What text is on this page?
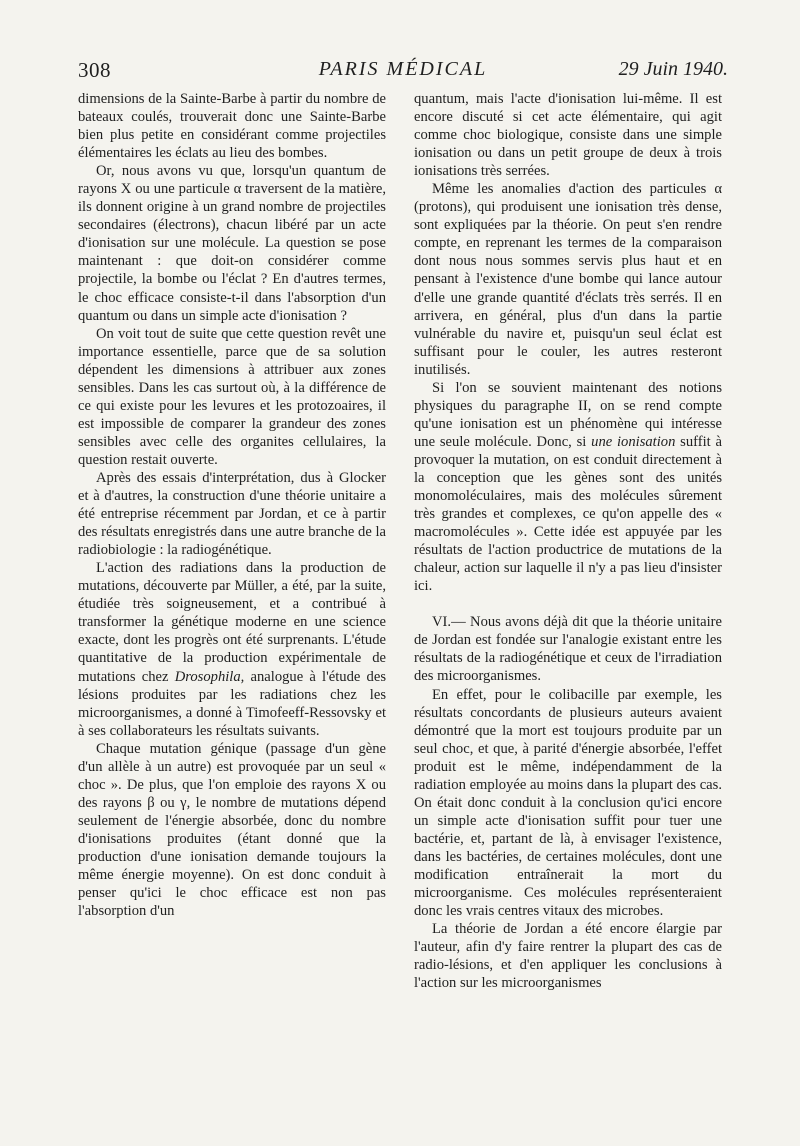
308	PARIS MÉDICAL	29 Juin 1940.

dimensions de la Sainte-Barbe à partir du nombre de bateaux coulés, trouverait donc une Sainte-Barbe bien plus petite en considérant comme projectiles élémentaires les éclats au lieu des bombes.

Or, nous avons vu que, lorsqu'un quantum de rayons X ou une particule α traversent de la matière, ils donnent origine à un grand nombre de projectiles secondaires (électrons), chacun libéré par un acte d'ionisation sur une molécule. La question se pose maintenant : que doit-on considérer comme projectile, la bombe ou l'éclat ? En d'autres termes, le choc efficace consiste-t-il dans l'absorption d'un quantum ou dans un simple acte d'ionisation ?

On voit tout de suite que cette question revêt une importance essentielle, parce que de sa solution dépendent les dimensions à attribuer aux zones sensibles. Dans les cas surtout où, à la différence de ce qui existe pour les levures et les protozoaires, il est impossible de comparer la grandeur des zones sensibles avec celle des organites cellulaires, la question restait ouverte.

Après des essais d'interprétation, dus à Glocker et à d'autres, la construction d'une théorie unitaire a été entreprise récemment par Jordan, et ce à partir des résultats enregistrés dans une autre branche de la radiobiologie : la radiogénétique.

L'action des radiations dans la production de mutations, découverte par Müller, a été, par la suite, étudiée très soigneusement, et a contribué à transformer la génétique moderne en une science exacte, dont les progrès ont été surprenants. L'étude quantitative de la production expérimentale de mutations chez Drosophila, analogue à l'étude des lésions produites par les radiations chez les microorganismes, a donné à Timofeeff-Ressovsky et à ses collaborateurs les résultats suivants.

Chaque mutation génique (passage d'un gène d'un allèle à un autre) est provoquée par un seul « choc ». De plus, que l'on emploie des rayons X ou des rayons β ou γ, le nombre de mutations dépend seulement de l'énergie absorbée, donc du nombre d'ionisations produites (étant donné que la production d'une ionisation demande toujours la même énergie moyenne). On est donc conduit à penser qu'ici le choc efficace est non pas l'absorption d'un

quantum, mais l'acte d'ionisation lui-même. Il est encore discuté si cet acte élémentaire, qui agit comme choc biologique, consiste dans une simple ionisation ou dans un petit groupe de deux à trois ionisations très serrées.

Même les anomalies d'action des particules α (protons), qui produisent une ionisation très dense, sont expliquées par la théorie. On peut s'en rendre compte, en reprenant les termes de la comparaison dont nous nous sommes servis plus haut et en pensant à l'existence d'une bombe qui lance autour d'elle une grande quantité d'éclats très serrés. Il en arrivera, en général, plus d'un dans la partie vulnérable du navire et, puisqu'un seul éclat est suffisant pour le couler, les autres resteront inutilisés.

Si l'on se souvient maintenant des notions physiques du paragraphe II, on se rend compte qu'une ionisation est un phénomène qui intéresse une seule molécule. Donc, si une ionisation suffit à provoquer la mutation, on est conduit directement à la conception que les gènes sont des unités monomoléculaires, mais des molécules sûrement très grandes et complexes, ce qu'on appelle des « macromolécules ». Cette idée est appuyée par les résultats de l'action productrice de mutations de la chaleur, action sur laquelle il n'y a pas lieu d'insister ici.

VI.— Nous avons déjà dit que la théorie unitaire de Jordan est fondée sur l'analogie existant entre les résultats de la radiogénétique et ceux de l'irradiation des microorganismes.

En effet, pour le colibacille par exemple, les résultats concordants de plusieurs auteurs avaient démontré que la mort est toujours produite par un seul choc, et que, à parité d'énergie absorbée, l'effet produit est le même, indépendamment de la radiation employée au moins dans la plupart des cas. On était donc conduit à la conclusion qu'ici encore un simple acte d'ionisation suffit pour tuer une bactérie, et, partant de là, à envisager l'existence, dans les bactéries, de certaines molécules, dont une modification entraînerait la mort du microorganisme. Ces molécules représenteraient donc les vrais centres vitaux des microbes.

La théorie de Jordan a été encore élargie par l'auteur, afin d'y faire rentrer la plupart des cas de radio-lésions, et d'en appliquer les conclusions à l'action sur les microorganismes
